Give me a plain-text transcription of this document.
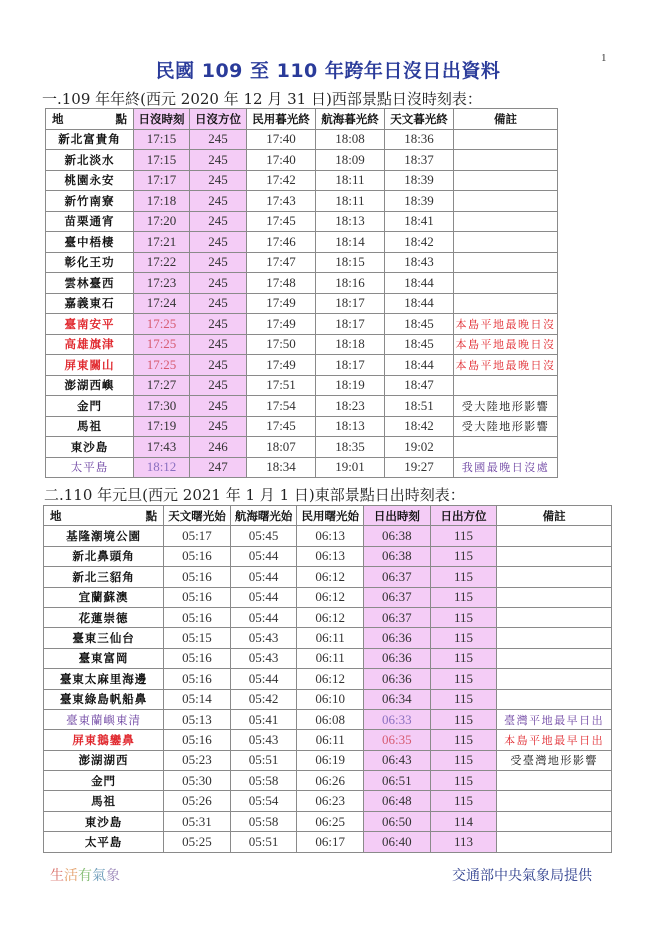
1
民國 109 至 110 年跨年日沒日出資料
一.109 年年終(西元 2020 年 12 月 31 日)西部景點日沒時刻表：
地 點	日沒時刻	日沒方位	民用暮光終	航海暮光終	天文暮光終	備註
新北富貴角	17:15	245	17:40	18:08	18:36	
新北淡水	17:15	245	17:40	18:09	18:37	
桃園永安	17:17	245	17:42	18:11	18:39	
新竹南寮	17:18	245	17:43	18:11	18:39	
苗栗通宵	17:20	245	17:45	18:13	18:41	
臺中梧棲	17:21	245	17:46	18:14	18:42	
彰化王功	17:22	245	17:47	18:15	18:43	
雲林臺西	17:23	245	17:48	18:16	18:44	
嘉義東石	17:24	245	17:49	18:17	18:44	
臺南安平	17:25	245	17:49	18:17	18:45	本島平地最晚日沒
高雄旗津	17:25	245	17:50	18:18	18:45	本島平地最晚日沒
屏東關山	17:25	245	17:49	18:17	18:44	本島平地最晚日沒
澎湖西嶼	17:27	245	17:51	18:19	18:47	
金門	17:30	245	17:54	18:23	18:51	受大陸地形影響
馬祖	17:19	245	17:45	18:13	18:42	受大陸地形影響
東沙島	17:43	246	18:07	18:35	19:02	
太平島	18:12	247	18:34	19:01	19:27	我國最晚日沒處
二.110 年元旦(西元 2021 年 1 月 1 日)東部景點日出時刻表：
地 點	天文曙光始	航海曙光始	民用曙光始	日出時刻	日出方位	備註
基隆潮境公園	05:17	05:45	06:13	06:38	115	
新北鼻頭角	05:16	05:44	06:13	06:38	115	
新北三貂角	05:16	05:44	06:12	06:37	115	
宜蘭蘇澳	05:16	05:44	06:12	06:37	115	
花蓮崇德	05:16	05:44	06:12	06:37	115	
臺東三仙台	05:15	05:43	06:11	06:36	115	
臺東富岡	05:16	05:43	06:11	06:36	115	
臺東太麻里海邊	05:16	05:44	06:12	06:36	115	
臺東綠島帆船鼻	05:14	05:42	06:10	06:34	115	
臺東蘭嶼東清	05:13	05:41	06:08	06:33	115	臺灣平地最早日出
屏東鵝鑾鼻	05:16	05:43	06:11	06:35	115	本島平地最早日出
澎湖湖西	05:23	05:51	06:19	06:43	115	受臺灣地形影響
金門	05:30	05:58	06:26	06:51	115	
馬祖	05:26	05:54	06:23	06:48	115	
東沙島	05:31	05:58	06:25	06:50	114	
太平島	05:25	05:51	06:17	06:40	113	
生活有氣象	交通部中央氣象局提供
